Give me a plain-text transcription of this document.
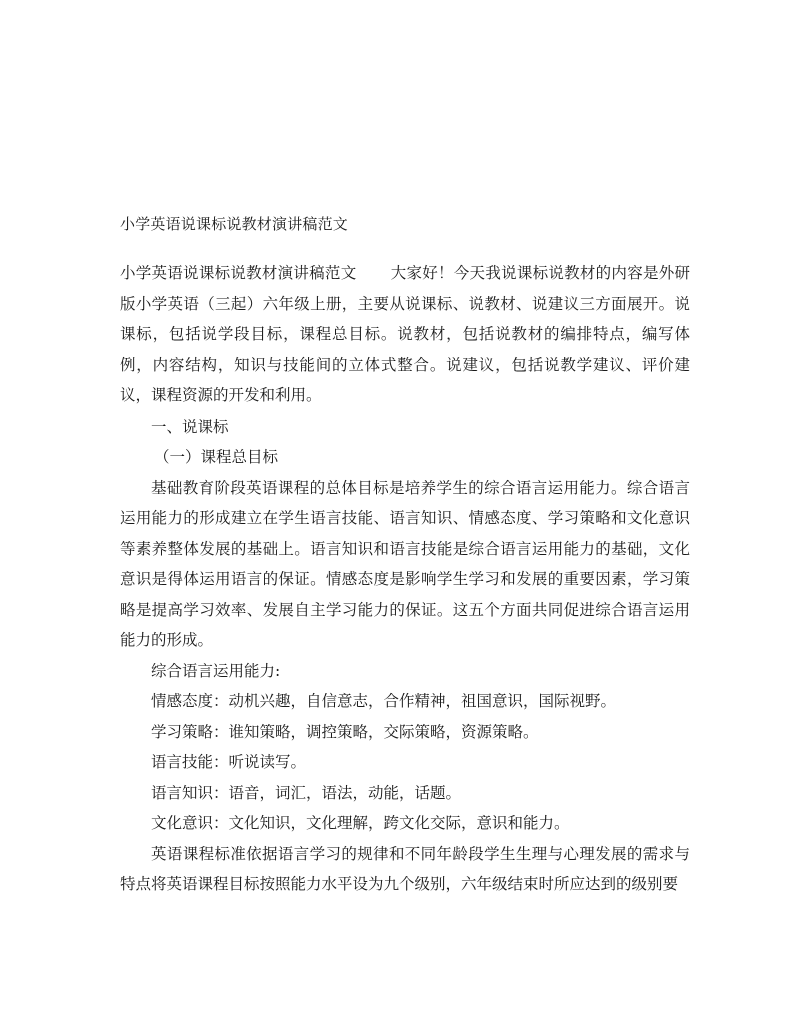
小学英语说课标说教材演讲稿范文

小学英语说课标说教材演讲稿范文 大家好！今天我说课标说教材的内容是外研版小学英语（三起）六年级上册，主要从说课标、说教材、说建议三方面展开。说课标，包括说学段目标，课程总目标。说教材，包括说教材的编排特点，编写体例，内容结构，知识与技能间的立体式整合。说建议，包括说教学建议、评价建议，课程资源的开发和利用。

一、说课标

（一）课程总目标

基础教育阶段英语课程的总体目标是培养学生的综合语言运用能力。综合语言运用能力的形成建立在学生语言技能、语言知识、情感态度、学习策略和文化意识等素养整体发展的基础上。语言知识和语言技能是综合语言运用能力的基础，文化意识是得体运用语言的保证。情感态度是影响学生学习和发展的重要因素，学习策略是提高学习效率、发展自主学习能力的保证。这五个方面共同促进综合语言运用能力的形成。

综合语言运用能力:

情感态度：动机兴趣，自信意志，合作精神，祖国意识，国际视野。

学习策略：谁知策略，调控策略，交际策略，资源策略。

语言技能：听说读写。

语言知识：语音，词汇，语法，动能，话题。

文化意识：文化知识，文化理解，跨文化交际，意识和能力。

英语课程标准依据语言学习的规律和不同年龄段学生生理与心理发展的需求与特点将英语课程目标按照能力水平设为九个级别，六年级结束时所应达到的级别要
